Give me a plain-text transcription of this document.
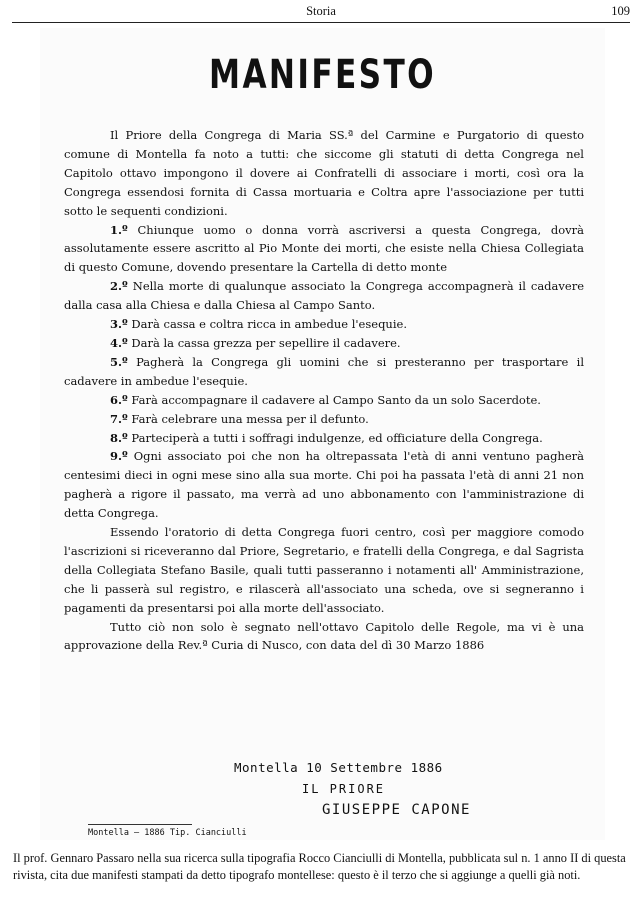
Storia	109
MANIFESTO

Il Priore della Congrega di Maria SS.ª del Carmine e Purgatorio di questo comune di Montella fa noto a tutti: che siccome gli statuti di detta Congrega nel Capitolo ottavo impongono il dovere ai Confratelli di associare i morti, così ora la Congrega essendosi fornita di Cassa mortuaria e Coltra apre l'associazione per tutti sotto le sequenti condizioni.

1.º Chiunque uomo o donna vorrà ascriversi a questa Congrega, dovrà assolutamente essere ascritto al Pio Monte dei morti, che esiste nella Chiesa Collegiata di questo Comune, dovendo presentare la Cartella di detto monte

2.º Nella morte di qualunque associato la Congrega accompagnerà il cadavere dalla casa alla Chiesa e dalla Chiesa al Campo Santo.

3.º Darà cassa e coltra ricca in ambedue l'esequie.

4.º Darà la cassa grezza per sepellire il cadavere.

5.º Pagherà la Congrega gli uomini che si presteranno per trasportare il cadavere in ambedue l'esequie.

6.º Farà accompagnare il cadavere al Campo Santo da un solo Sacerdote.

7.º Farà celebrare una messa per il defunto.

8.º Parteciperà a tutti i soffragi indulgenze, ed officiature della Congrega.

9.º Ogni associato poi che non ha oltrepassata l'età di anni ventuno pagherà centesimi dieci in ogni mese sino alla sua morte. Chi poi ha passata l'età di anni 21 non pagherà a rigore il passato, ma verrà ad uno abbonamento con l'amministrazione di detta Congrega.

Essendo l'oratorio di detta Congrega fuori centro, così per maggiore comodo l'ascrizioni si riceveranno dal Priore, Segretario, e fratelli della Congrega, e dal Sagrista della Collegiata Stefano Basile, quali tutti passeranno i notamenti all' Amministrazione, che li passerà sul registro, e rilascerà all'associato una scheda, ove si segneranno i pagamenti da presentarsi poi alla morte dell'associato.

Tutto ciò non solo è segnato nell'ottavo Capitolo delle Regole, ma vi è una approvazione della Rev.ª Curia di Nusco, con data del dì 30 Marzo 1886

Montella 10 Settembre 1886
IL PRIORE
GIUSEPPE CAPONE
Montella — 1886 Tip. Cianciulli
Il prof. Gennaro Passaro nella sua ricerca sulla tipografia Rocco Cianciulli di Montella, pubblicata sul n. 1 anno II di questa rivista, cita due manifesti stampati da detto tipografo montellese: questo è il terzo che si aggiunge a quelli già noti.
